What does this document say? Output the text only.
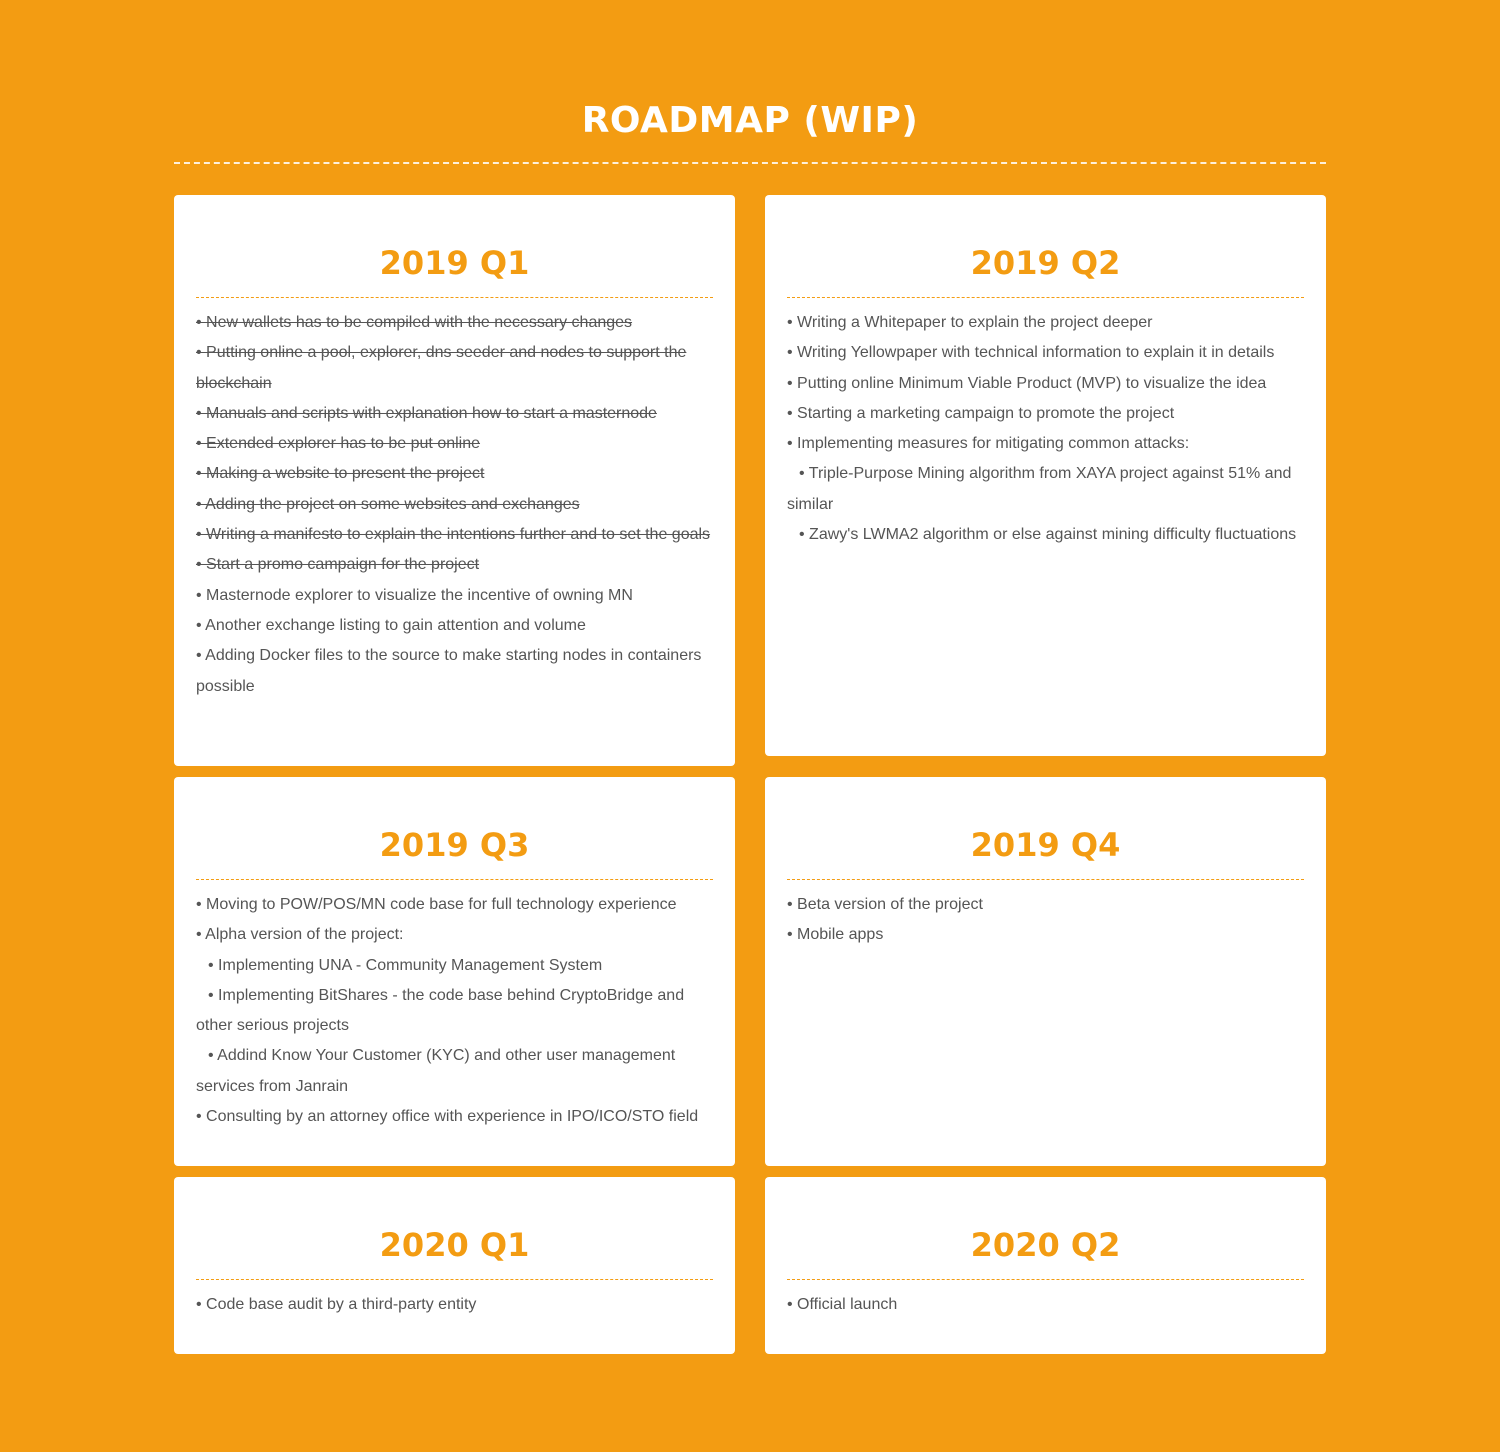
ROADMAP (WIP)
2019 Q1
• New wallets has to be compiled with the necessary changes
• Putting online a pool, explorer, dns seeder and nodes to support the blockchain
• Manuals and scripts with explanation how to start a masternode
• Extended explorer has to be put online
• Making a website to present the project
• Adding the project on some websites and exchanges
• Writing a manifesto to explain the intentions further and to set the goals
• Start a promo campaign for the project
• Masternode explorer to visualize the incentive of owning MN
• Another exchange listing to gain attention and volume
• Adding Docker files to the source to make starting nodes in containers possible
2019 Q2
• Writing a Whitepaper to explain the project deeper
• Writing Yellowpaper with technical information to explain it in details
• Putting online Minimum Viable Product (MVP) to visualize the idea
• Starting a marketing campaign to promote the project
• Implementing measures for mitigating common attacks:
• Triple-Purpose Mining algorithm from XAYA project against 51% and similar
• Zawy's LWMA2 algorithm or else against mining difficulty fluctuations
2019 Q3
• Moving to POW/POS/MN code base for full technology experience
• Alpha version of the project:
• Implementing UNA - Community Management System
• Implementing BitShares - the code base behind CryptoBridge and other serious projects
• Addind Know Your Customer (KYC) and other user management services from Janrain
• Consulting by an attorney office with experience in IPO/ICO/STO field
2019 Q4
• Beta version of the project
• Mobile apps
2020 Q1
• Code base audit by a third-party entity
2020 Q2
• Official launch
